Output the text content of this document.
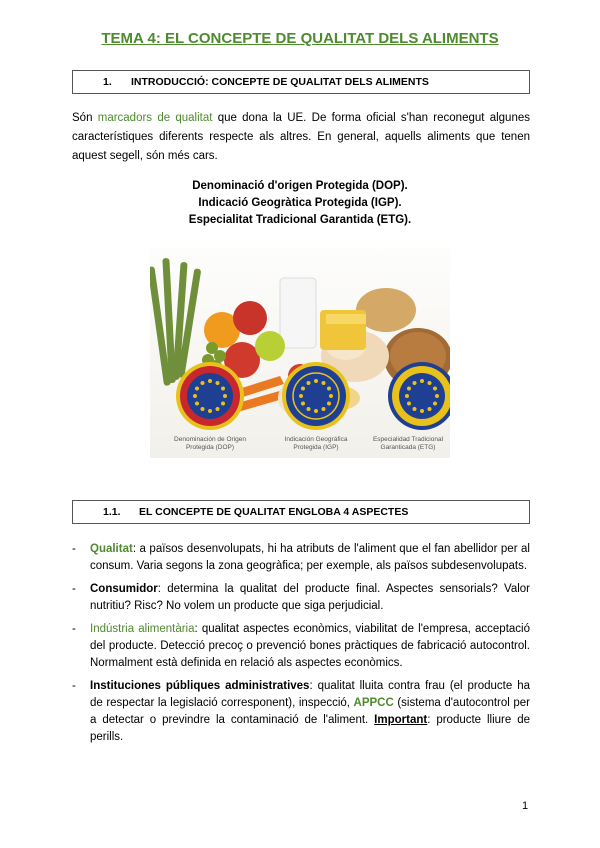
TEMA 4: EL CONCEPTE DE QUALITAT DELS ALIMENTS
1. INTRODUCCIÓ: CONCEPTE DE QUALITAT DELS ALIMENTS
Són marcadors de qualitat que dona la UE. De forma oficial s'han reconegut algunes característiques diferents respecte als altres. En general, aquells aliments que tenen aquest segell, són més cars.
Denominació d'origen Protegida (DOP).
Indicació Geogràtica Protegida (IGP).
Especialitat Tradicional Garantida (ETG).
Denominación de Origen
Protegida (DOP)
Indicación Geográfica
Protegida (IGP)
Especialidad Tradicional
Garanticada (ETG)
1.1. EL CONCEPTE DE QUALITAT ENGLOBA 4 ASPECTES
- Qualitat: a països desenvolupats, hi ha atributs de l'aliment que el fan abellidor per al consum. Varia segons la zona geogràfica; per exemple, als països subdesenvolupats.
- Consumidor: determina la qualitat del producte final. Aspectes sensorials? Valor nutritiu? Risc? No volem un producte que siga perjudicial.
- Indústria alimentària: qualitat aspectes econòmics, viabilitat de l'empresa, acceptació del producte. Detecció precoç o prevenció bones pràctiques de fabricació autocontrol. Normalment està definida en relació als aspectes econòmics.
- Instituciones públiques administratives: qualitat lluita contra frau (el producte ha de respectar la legislació corresponent), inspecció, APPCC (sistema d'autocontrol per a detectar o previndre la contaminació de l'aliment. Important: producte lliure de perills.
1
